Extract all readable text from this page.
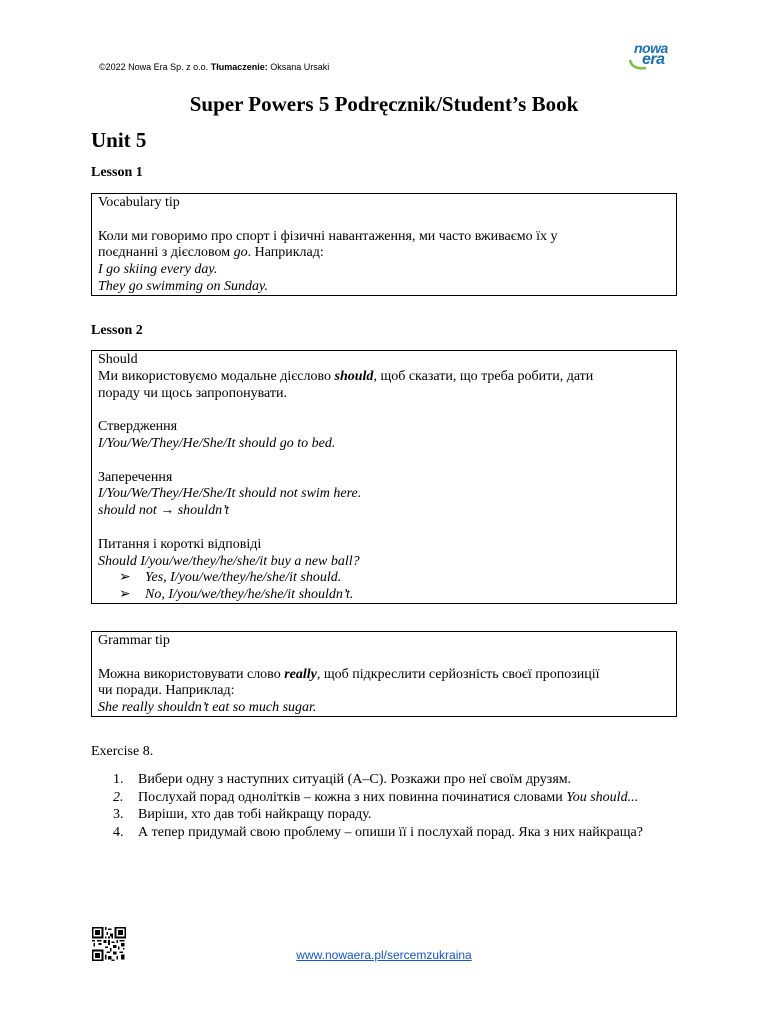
©2022 Nowa Era Sp. z o.o. Tłumaczenie: Oksana Ursaki
nowa
era
Super Powers 5 Podręcznik/Student’s Book
Unit 5
Lesson 1

Vocabulary tip

Коли ми говоримо про спорт і фізичні навантаження, ми часто вживаємо їх у

поєднанні з дієсловом go. Наприклад:

I go skiing every day.

They go swimming on Sunday.

Lesson 2

Should

Ми використовуємо модальне дієслово should, щоб сказати, що треба робити, дати

пораду чи щось запропонувати.

Ствердження

I/You/We/They/He/She/It should go to bed.

Заперечення

I/You/We/They/He/She/It should not swim here.

should not → shouldn’t

Питання і короткі відповіді

Should I/you/we/they/he/she/it buy a new ball?

➢ Yes, I/you/we/they/he/she/it should.

➢ No, I/you/we/they/he/she/it shouldn’t.

Grammar tip

Можна використовувати слово really, щоб підкреслити серйозність своєї пропозиції

чи поради. Наприклад:

She really shouldn’t eat so much sugar.

Exercise 8.
1. Вибери одну з наступних ситуацій (A–C). Розкажи про неї своїм друзям.
2. Послухай порад однолітків – кожна з них повинна починатися словами You should...
3. Виріши, хто дав тобі найкращу пораду.
4. А тепер придумай свою проблему – опиши її і послухай порад. Яка з них найкраща?
www.nowaera.pl/sercemzukraina
